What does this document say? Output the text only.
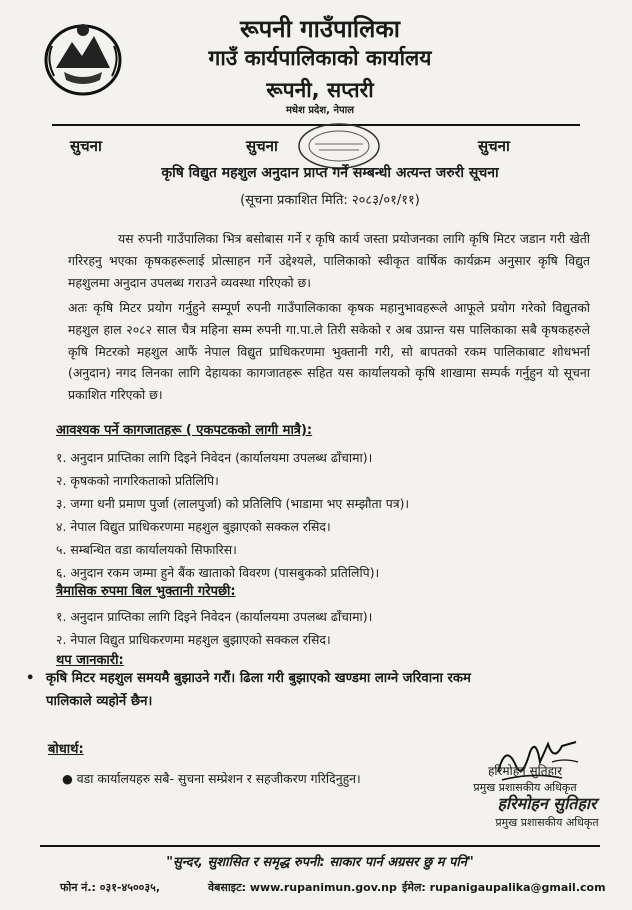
रूपनी गाउँपालिका
गाउँ कार्यपालिकाको कार्यालय
रूपनी, सप्तरी
मधेश प्रदेश, नेपाल
सुचना	सुचना	सुचना
कृषि विद्युत महशुल अनुदान प्राप्त गर्ने सम्बन्धी अत्यन्त जरुरी सूचना
(सूचना प्रकाशित मिति: २०८३/०१/११)

यस रुपनी गाउँपालिका भित्र बसोबास गर्ने र कृषि कार्य जस्ता प्रयोजनका लागि कृषि मिटर जडान गरी खेती गरिरहनु भएका कृषकहरूलाई प्रोत्साहन गर्ने उद्देश्यले, पालिकाको स्वीकृत वार्षिक कार्यक्रम अनुसार कृषि विद्युत महशुलमा अनुदान उपलब्ध गराउने व्यवस्था गरिएको छ।

अतः कृषि मिटर प्रयोग गर्नुहुने सम्पूर्ण रुपनी गाउँपालिकाका कृषक महानुभावहरूले आफूले प्रयोग गरेको विद्युतको महशुल हाल २०८२ साल चैत्र महिना सम्म रुपनी गा.पा.ले तिरी सकेको र अब उप्रान्त यस पालिकाका सबै कृषकहरुले कृषि मिटरको महशुल आफैं नेपाल विद्युत प्राधिकरणमा भुक्तानी गरी, सो बापतको रकम पालिकाबाट शोधभर्ना (अनुदान) नगद लिनका लागि देहायका कागजातहरू सहित यस कार्यालयको कृषि शाखामा सम्पर्क गर्नुहुन यो सूचना प्रकाशित गरिएको छ।

आवश्यक पर्ने कागजातहरू ( एकपटकको लागी मात्रै):
१. अनुदान प्राप्तिका लागि दिइने निवेदन (कार्यालयमा उपलब्ध ढाँचामा)।
२. कृषकको नागरिकताको प्रतिलिपि।
३. जग्गा धनी प्रमाण पुर्जा (लालपुर्जा) को प्रतिलिपि (भाडामा भए सम्झौता पत्र)।
४. नेपाल विद्युत प्राधिकरणमा महशुल बुझाएको सक्कल रसिद।
५. सम्बन्धित वडा कार्यालयको सिफारिस।
६. अनुदान रकम जम्मा हुने बैंक खाताको विवरण (पासबुकको प्रतिलिपि)।
त्रैमासिक रुपमा बिल भुक्तानी गरेपछी:
१. अनुदान प्राप्तिका लागि दिइने निवेदन (कार्यालयमा उपलब्ध ढाँचामा)।
२. नेपाल विद्युत प्राधिकरणमा महशुल बुझाएको सक्कल रसिद।
थप जानकारी:
• कृषि मिटर महशुल समयमै बुझाउने गरौं। ढिला गरी बुझाएको खण्डमा लाग्ने जरिवाना रकम पालिकाले व्यहोर्ने छैन।
बोधार्थ:
● वडा कार्यालयहरु सबै- सुचना सम्प्रेशन र सहजीकरण गरिदिनुहुन।	हरिमोहन सुतिहार
प्रमुख प्रशासकीय अधिकृत
हरिमोहन सुतिहार
प्रमुख प्रशासकीय अधिकृत
"सुन्दर, सुशासित र समृद्ध रुपनी: साकार पार्न अग्रसर छु म पनि"
फोन नं.: ०३१-४५००३५,	वेबसाइट: www.rupanimun.gov.np ईमेल: rupanigaupalika@gmail.com
